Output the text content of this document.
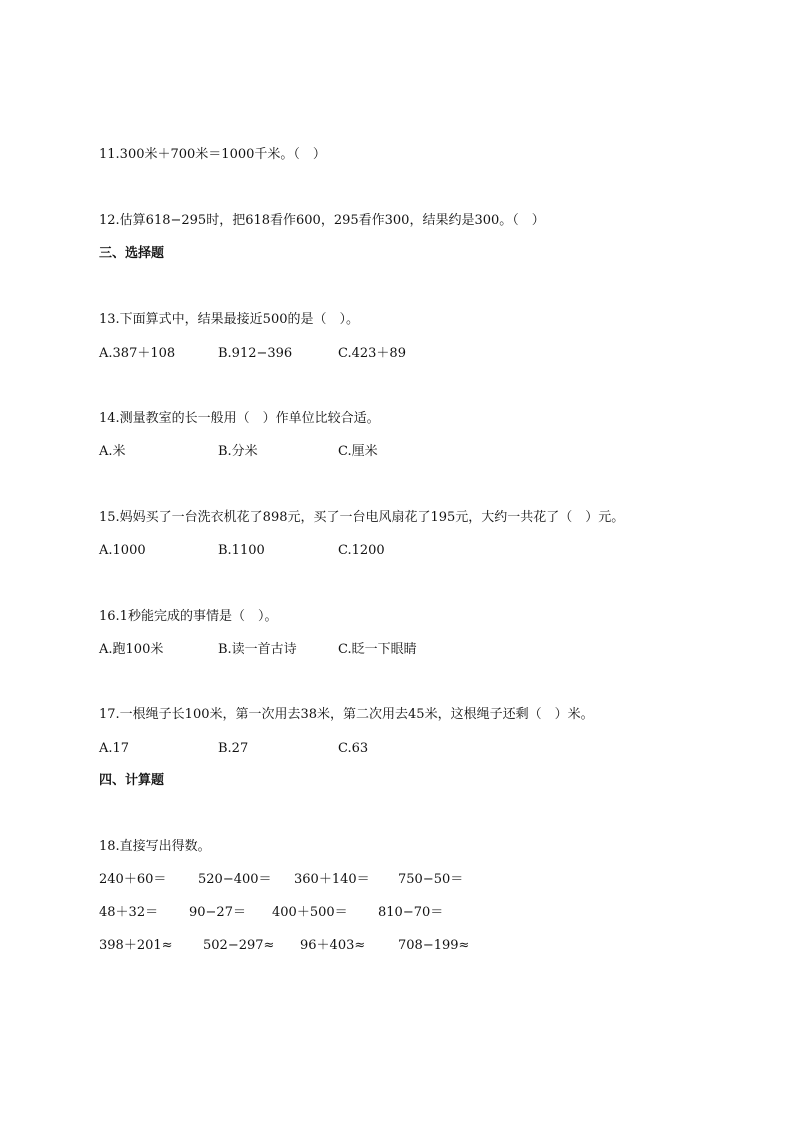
11.300米＋700米＝1000千米。（　）
12.估算618−295时，把618看作600，295看作300，结果约是300。（　）
三、选择题
13.下面算式中，结果最接近500的是（　）。
A.387＋108	B.912−396	C.423＋89
14.测量教室的长一般用（　）作单位比较合适。
A.米	B.分米	C.厘米
15.妈妈买了一台洗衣机花了898元，买了一台电风扇花了195元，大约一共花了（　）元。
A.1000	B.1100	C.1200
16.1秒能完成的事情是（　）。
A.跑100米	B.读一首古诗	C.眨一下眼睛
17.一根绳子长100米，第一次用去38米，第二次用去45米，这根绳子还剩（　）米。
A.17	B.27	C.63
四、计算题
18.直接写出得数。
240＋60＝ 520−400＝ 360＋140＝ 750−50＝
48＋32＝ 90−27＝ 400＋500＝ 810−70＝
398＋201≈ 502−297≈ 96＋403≈	708−199≈
